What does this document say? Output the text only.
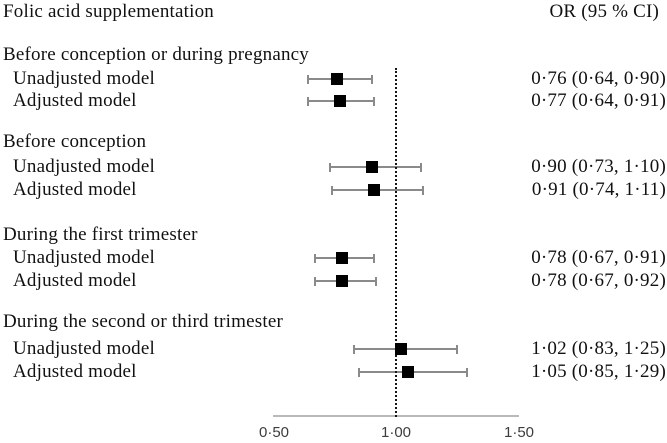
Folic acid supplementation	OR (95 % CI)
0·50	1·00	1·50
Before conception or during pregnancy
Unadjusted model	0·76 (0·64, 0·90)
Adjusted model	0·77 (0·64, 0·91)
Before conception
Unadjusted model	0·90 (0·73, 1·10)
Adjusted model	0·91 (0·74, 1·11)
During the first trimester
Unadjusted model	0·78 (0·67, 0·91)
Adjusted model	0·78 (0·67, 0·92)
During the second or third trimester
Unadjusted model	1·02 (0·83, 1·25)
Adjusted model	1·05 (0·85, 1·29)
